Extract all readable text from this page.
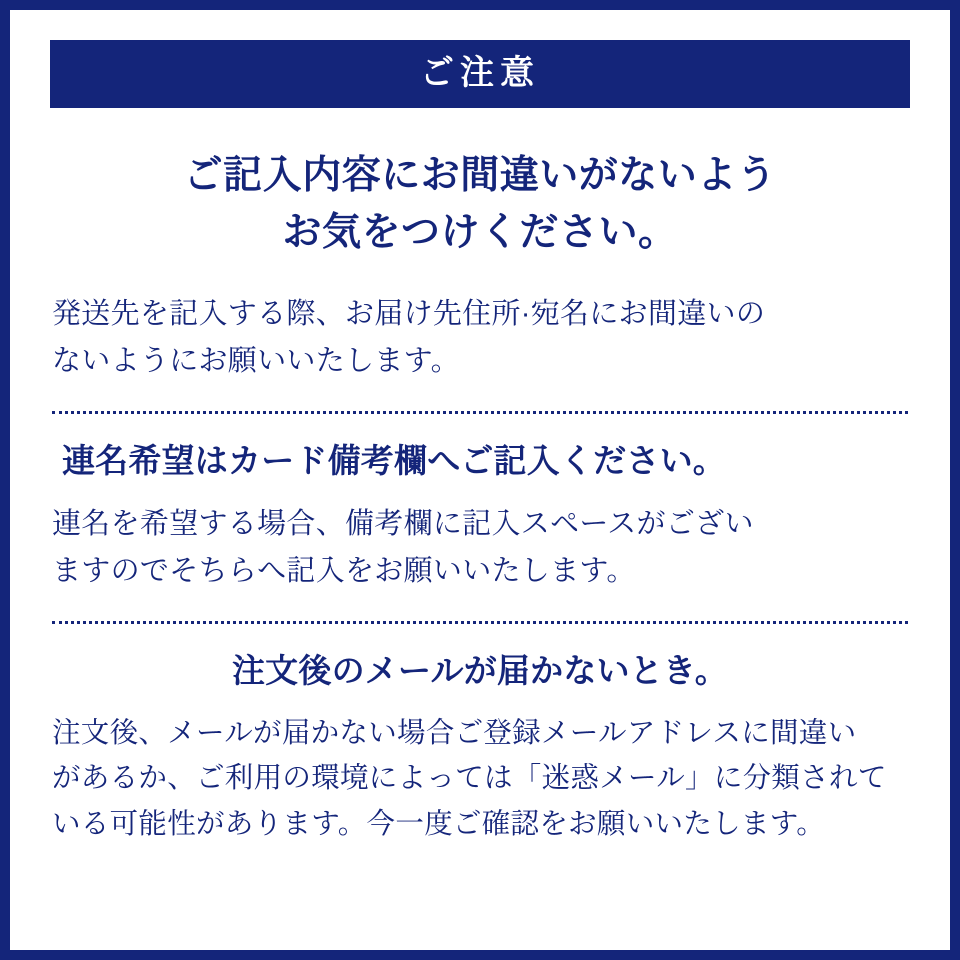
ご注意
ご記入内容にお間違いがないよう
お気をつけください。
発送先を記入する際、お届け先住所·宛名にお間違いの
ないようにお願いいたします。
連名希望はカード備考欄へご記入ください。
連名を希望する場合、備考欄に記入スペースがござい
ますのでそちらへ記入をお願いいたします。
注文後のメールが届かないとき。
注文後、メールが届かない場合ご登録メールアドレスに間違い
があるか、ご利用の環境によっては「迷惑メール」に分類されて
いる可能性があります。今一度ご確認をお願いいたします。
